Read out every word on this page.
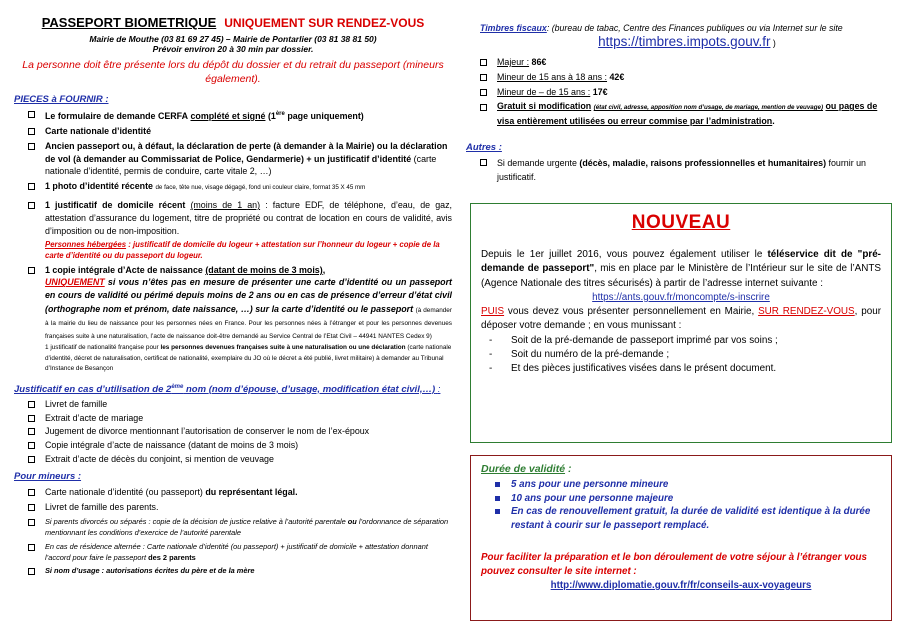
PASSEPORT BIOMETRIQUE UNIQUEMENT SUR RENDEZ-VOUS
Mairie de Mouthe (03 81 69 27 45) – Mairie de Pontarlier (03 81 38 81 50)
Prévoir environ 20 à 30 min par dossier.
La personne doit être présente lors du dépôt du dossier et du retrait du passeport (mineurs également).
PIECES à FOURNIR :
Le formulaire de demande CERFA complété et signé (1ère page uniquement)
Carte nationale d’identité
Ancien passeport ou, à défaut, la déclaration de perte (à demander à la Mairie) ou la déclaration de vol (à demander au Commissariat de Police, Gendarmerie) + un justificatif d’identité (carte nationale d’identité, permis de conduire, carte vitale 2, …)
1 photo d’identité récente de face, tête nue, visage dégagé, fond uni couleur claire, format 35 X 45 mm
1 justificatif de domicile récent (moins de 1 an) : facture EDF, de téléphone, d’eau, de gaz, attestation d’assurance du logement, titre de propriété ou contrat de location en cours de validité, avis d’imposition ou de non-imposition.
Personnes hébergées : justificatif de domicile du logeur + attestation sur l’honneur du logeur + copie de la carte d’identité ou du passeport du logeur.
1 copie intégrale d’Acte de naissance (datant de moins de 3 mois),
UNIQUEMENT si vous n’êtes pas en mesure de présenter une carte d’identité ou un passeport en cours de validité ou périmé depuis moins de 2 ans ou en cas de présence d’erreur d’état civil (orthographe nom et prénom, date naissance, …) sur la carte d’identité ou le passeport (à demander à la mairie du lieu de naissance pour les personnes nées en France. Pour les personnes nées à l’étranger et pour les personnes devenues françaises suite à une naturalisation, l’acte de naissance doit-être demandé au Service Central de l’Etat Civil – 44941 NANTES Cedex 9)
1 justificatif de nationalité française pour les personnes devenues françaises suite à une naturalisation ou une déclaration (carte nationale d’identité, décret de naturalisation, certificat de nationalité, exemplaire du JO où le décret a été publié, livret militaire) à demander au Tribunal d’Instance de Besançon
Justificatif en cas d’utilisation de 2ème nom (nom d’épouse, d’usage, modification état civil,…) :
Livret de famille
Extrait d’acte de mariage
Jugement de divorce mentionnant l’autorisation de conserver le nom de l’ex-époux
Copie intégrale d’acte de naissance (datant de moins de 3 mois)
Extrait d’acte de décès du conjoint, si mention de veuvage
Pour mineurs :
Carte nationale d’identité (ou passeport) du représentant légal.
Livret de famille des parents.
Si parents divorcés ou séparés : copie de la décision de justice relative à l’autorité parentale ou l’ordonnance de séparation mentionnant les conditions d’exercice de l’autorité parentale
En cas de résidence alternée : Carte nationale d’identité (ou passeport) + justificatif de domicile + attestation donnant l’accord pour faire le passeport des 2 parents
Si nom d’usage : autorisations écrites du père et de la mère
Timbres fiscaux: (bureau de tabac, Centre des Finances publiques ou via Internet sur le site
https://timbres.impots.gouv.fr )
Majeur : 86€
Mineur de 15 ans à 18 ans : 42€
Mineur de – de 15 ans : 17€
Gratuit si modification (état civil, adresse, apposition nom d’usage, de mariage, mention de veuvage) ou pages de visa entièrement utilisées ou erreur commise par l’administration.
Autres :
Si demande urgente (décès, maladie, raisons professionnelles et humanitaires) fournir un justificatif.
NOUVEAU
Depuis le 1er juillet 2016, vous pouvez également utiliser le téléservice dit de "pré-demande de passeport", mis en place par le Ministère de l’Intérieur sur le site de l’ANTS (Agence Nationale des titres sécurisés) à partir de l’adresse internet suivante :
https://ants.gouv.fr/moncompte/s-inscrire
PUIS vous devez vous présenter personnellement en Mairie, SUR RENDEZ-VOUS, pour déposer votre demande ; en vous munissant :
- Soit de la pré-demande de passeport imprimé par vos soins ;
- Soit du numéro de la pré-demande ;
- Et des pièces justificatives visées dans le présent document.
Durée de validité :
5 ans pour une personne mineure
10 ans pour une personne majeure
En cas de renouvellement gratuit, la durée de validité est identique à la durée restant à courir sur le passeport remplacé.
Pour faciliter la préparation et le bon déroulement de votre séjour à l’étranger vous pouvez consulter le site internet :
http://www.diplomatie.gouv.fr/fr/conseils-aux-voyageurs
